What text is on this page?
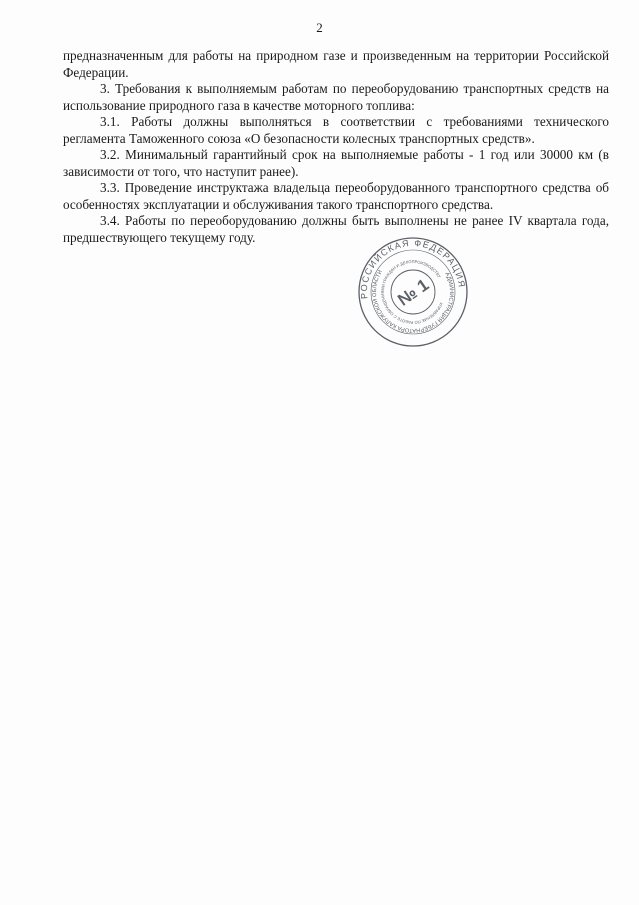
2

предназначенным для работы на природном газе и произведенным на территории Российской Федерации.

3. Требования к выполняемым работам по переоборудованию транспортных средств на использование природного газа в качестве моторного топлива:

3.1. Работы должны выполняться в соответствии с требованиями технического регламента Таможенного союза «О безопасности колесных транспортных средств».

3.2. Минимальный гарантийный срок на выполняемые работы - 1 год или 30000 км (в зависимости от того, что наступит ранее).

3.3. Проведение инструктажа владельца переоборудованного транспортного средства об особенностях эксплуатации и обслуживания такого транспортного средства.

3.4. Работы по переоборудованию должны быть выполнены не ранее IV квартала года, предшествующего текущему году.

РОССИЙСКАЯ ФЕДЕРАЦИЯ
АДМИНИСТРАЦИЯ ГУБЕРНАТОРА КАЛУЖСКОЙ ОБЛАСТИ
УПРАВЛЕНИЕ ПО РАБОТЕ С ОБРАЩЕНИЯМИ ГРАЖДАН И ДЕЛОПРОИЗВОДСТВУ
№ 1
